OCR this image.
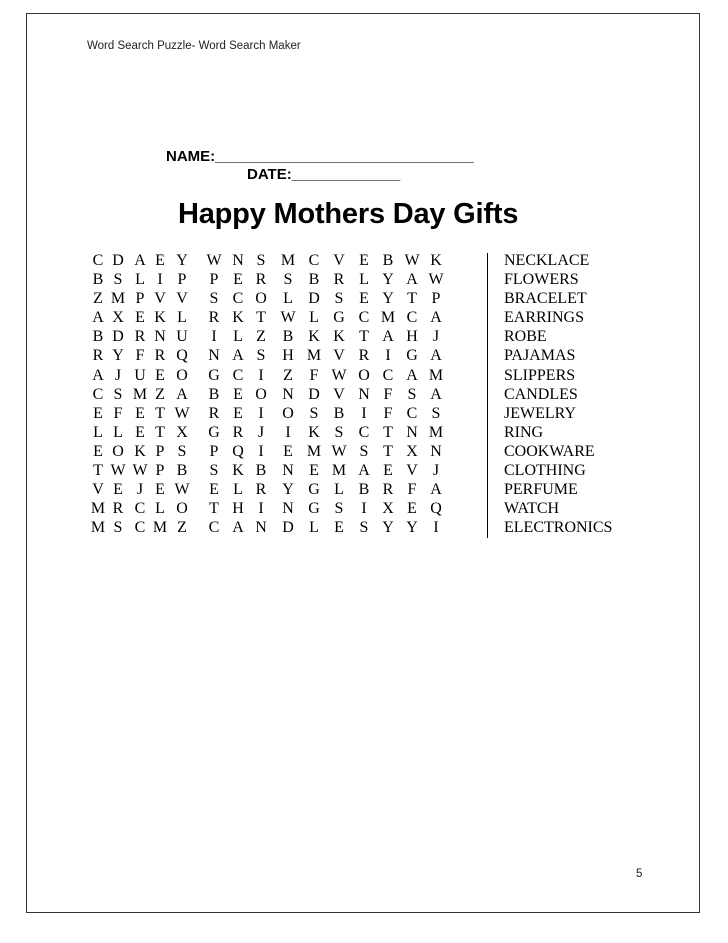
Word Search Puzzle- Word Search Maker
NAME:_______________________________
DATE:_____________
Happy Mothers Day Gifts
C D A E Y W N S M C V E B W K
B S L I P	P E R	S	B R L Y A W
Z M P V V	S C O	L D S E Y T P
A X E K L	R K T W L G C M C A
B D R N U	I	L Z	B K K T A H J
R Y F R Q N A S	H M V R	I G A
A J U E O G C I	Z	F W O C A M
C S M Z A B E O N D V N F S A
E F E T W R E I	O S B	I	F C S
L L E T X G R J	I	K S C T N M
E O K P S	P Q I	E M W S T X N
T W W P B	S K B N E M A E V J
V E J E W	E L R Y G L B R F A
M R C L O	T H I	N G S	I X E Q
M S C M Z	C A N D L E S Y Y I
NECKLACE
FLOWERS
BRACELET
EARRINGS
ROBE
PAJAMAS
SLIPPERS
CANDLES
JEWELRY
RING
COOKWARE
CLOTHING
PERFUME
WATCH
ELECTRONICS
5
